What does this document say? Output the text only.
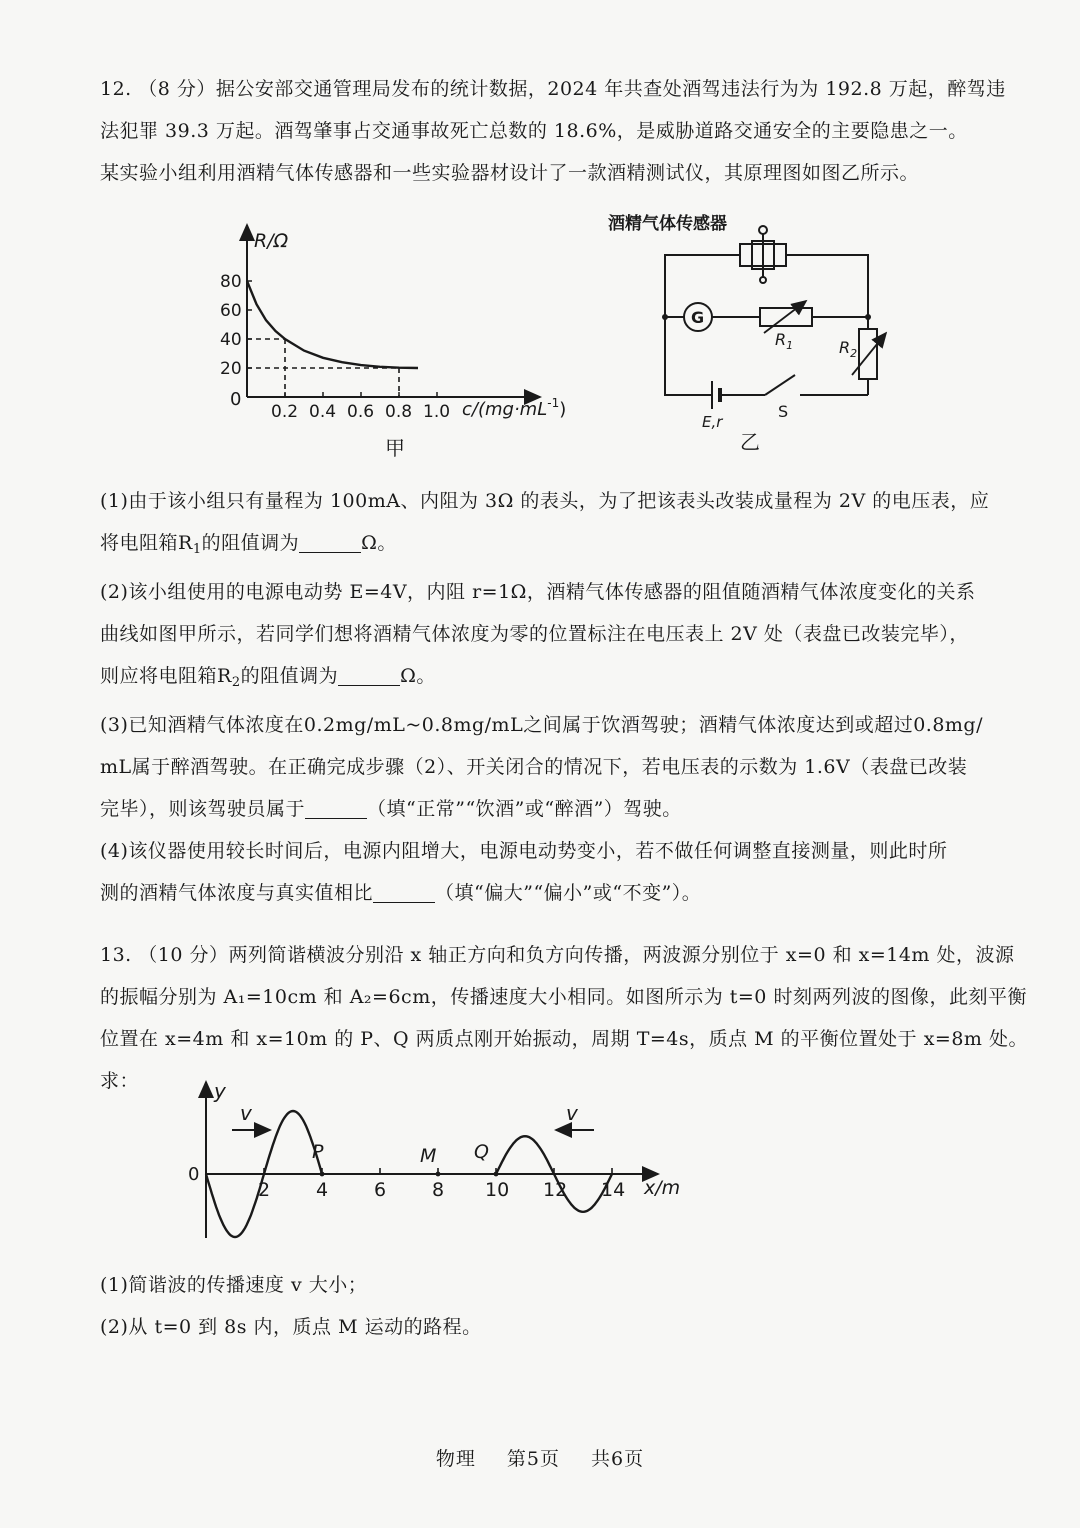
12. （8 分）据公安部交通管理局发布的统计数据，2024 年共查处酒驾违法行为为 192.8 万起，醉驾违

法犯罪 39.3 万起。酒驾肇事占交通事故死亡总数的 18.6%，是威胁道路交通安全的主要隐患之一。

某实验小组利用酒精气体传感器和一些实验器材设计了一款酒精测试仪，其原理图如图乙所示。

0.2 0.4 0.6 0.8 1.0
20
40
60
80
R/Ω
0	$c/(mg\cdot mL^{-1})$
甲
酒精气体传感器
G
$R_1$
E,r
S
$R_2$
乙

(1)由于该小组只有量程为 100mA、内阻为 3Ω 的表头，为了把该表头改装成量程为 2V 的电压表，应

将电阻箱$R_1$的阻值调为	Ω。

(2)该小组使用的电源电动势 E=4V，内阻 r=1Ω，酒精气体传感器的阻值随酒精气体浓度变化的关系

曲线如图甲所示，若同学们想将酒精气体浓度为零的位置标注在电压表上 2V 处（表盘已改装完毕），

则应将电阻箱$R_2$的阻值调为	Ω。

(3)已知酒精气体浓度在0.2mg/mL~0.8mg/mL之间属于饮酒驾驶；酒精气体浓度达到或超过0.8mg/

mL属于醉酒驾驶。在正确完成步骤（2）、开关闭合的情况下，若电压表的示数为 1.6V（表盘已改装

完毕），则该驾驶员属于	（填“正常”“饮酒”或“醉酒”）驾驶。

(4)该仪器使用较长时间后，电源内阻增大，电源电动势变小，若不做任何调整直接测量，则此时所

测的酒精气体浓度与真实值相比	（填“偏大”“偏小”或“不变”）。

13. （10 分）两列简谐横波分别沿 x 轴正方向和负方向传播，两波源分别位于 x=0 和 x=14m 处，波源

的振幅分别为 A₁=10cm 和 A₂=6cm，传播速度大小相同。如图所示为 t=0 时刻两列波的图像，此刻平衡

位置在 x=4m 和 x=10m 的 P、Q 两质点刚开始振动，周期 T=4s，质点 M 的平衡位置处于 x=8m 处。求：

2 4 6 8 10 12 14
y
0
x/m
v	v
P	M Q

(1)简谐波的传播速度 v 大小；

(2)从 t=0 到 8s 内，质点 M 运动的路程。

物理 第5页 共6页
